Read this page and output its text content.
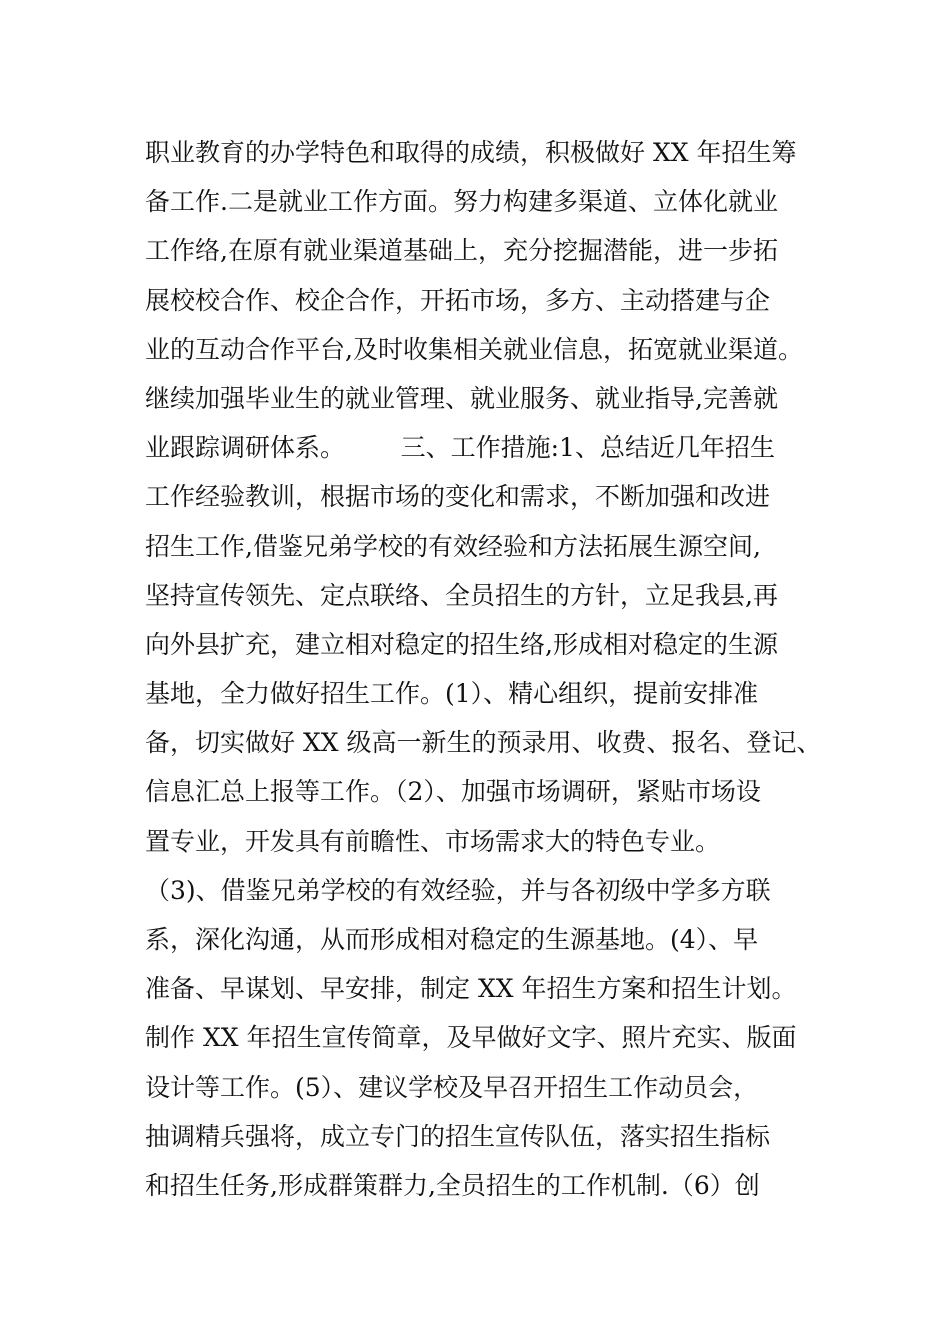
职业教育的办学特色和取得的成绩，积极做好 XX 年招生筹
备工作.二是就业工作方面。努力构建多渠道、立体化就业
工作络,在原有就业渠道基础上，充分挖掘潜能，进一步拓
展校校合作、校企合作，开拓市场，多方、主动搭建与企
业的互动合作平台,及时收集相关就业信息，拓宽就业渠道。
继续加强毕业生的就业管理、就业服务、就业指导,完善就
业跟踪调研体系。       三、工作措施:1、总结近几年招生
工作经验教训，根据市场的变化和需求，不断加强和改进
招生工作,借鉴兄弟学校的有效经验和方法拓展生源空间,
坚持宣传领先、定点联络、全员招生的方针，立足我县,再
向外县扩充，建立相对稳定的招生络,形成相对稳定的生源
基地，全力做好招生工作。(1）、精心组织，提前安排准
备，切实做好 XX 级高一新生的预录用、收费、报名、登记、
信息汇总上报等工作。（2）、加强市场调研，紧贴市场设
置专业，开发具有前瞻性、市场需求大的特色专业。
（3)、借鉴兄弟学校的有效经验，并与各初级中学多方联
系，深化沟通，从而形成相对稳定的生源基地。(4）、早
准备、早谋划、早安排，制定 XX 年招生方案和招生计划。
制作 XX 年招生宣传简章，及早做好文字、照片充实、版面
设计等工作。(5）、建议学校及早召开招生工作动员会，
抽调精兵强将，成立专门的招生宣传队伍，落实招生指标
和招生任务,形成群策群力,全员招生的工作机制.（6）创
